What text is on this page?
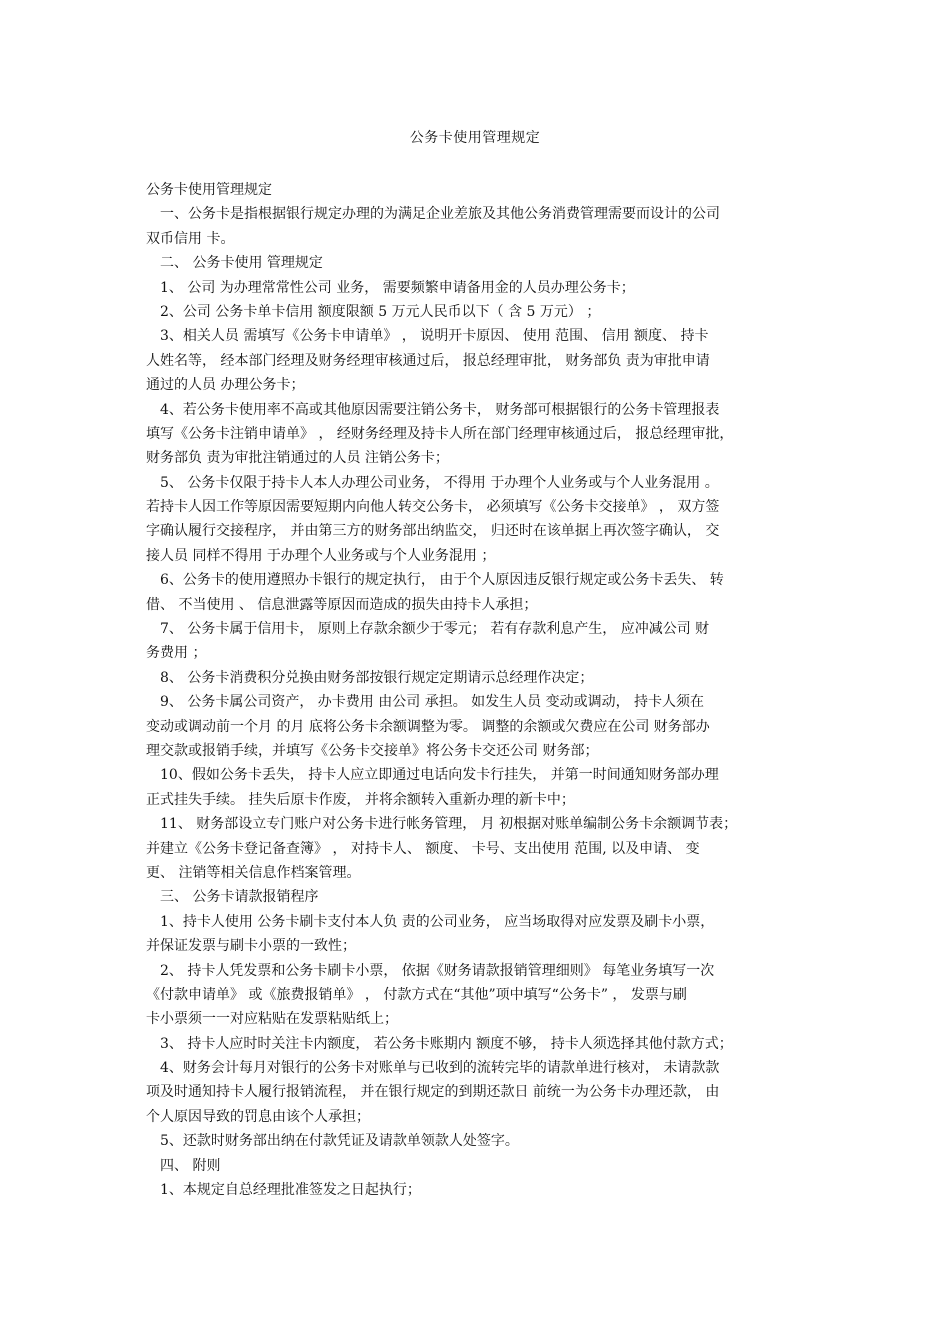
公务卡使用管理规定
公务卡使用管理规定
一、公务卡是指根据银行规定办理的为满足企业差旅及其他公务消费管理需要而设计的公司
双币信用 卡。
二、 公务卡使用 管理规定
1、 公司 为办理常常性公司 业务， 需要频繁申请备用金的人员办理公务卡；
2、公司 公务卡单卡信用 额度限额 5 万元人民币以下（ 含 5 万元） ；
3、相关人员 需填写《公务卡申请单》 ， 说明开卡原因、 使用 范围、 信用 额度、 持卡
人姓名等， 经本部门经理及财务经理审核通过后， 报总经理审批， 财务部负 责为审批申请
通过的人员 办理公务卡；
4、若公务卡使用率不高或其他原因需要注销公务卡， 财务部可根据银行的公务卡管理报表
填写《公务卡注销申请单》 ， 经财务经理及持卡人所在部门经理审核通过后， 报总经理审批，
财务部负 责为审批注销通过的人员 注销公务卡；
5、 公务卡仅限于持卡人本人办理公司业务， 不得用 于办理个人业务或与个人业务混用 。
若持卡人因工作等原因需要短期内向他人转交公务卡， 必须填写《公务卡交接单》 ， 双方签
字确认履行交接程序， 并由第三方的财务部出纳监交， 归还时在该单据上再次签字确认， 交
接人员 同样不得用 于办理个人业务或与个人业务混用 ；
6、公务卡的使用遵照办卡银行的规定执行， 由于个人原因违反银行规定或公务卡丢失、 转
借、 不当使用 、 信息泄露等原因而造成的损失由持卡人承担；
7、 公务卡属于信用卡， 原则上存款余额少于零元； 若有存款利息产生， 应冲减公司 财
务费用 ；
8、 公务卡消费积分兑换由财务部按银行规定定期请示总经理作决定；
9、 公务卡属公司资产， 办卡费用 由公司 承担。 如发生人员 变动或调动， 持卡人须在
变动或调动前一个月 的月 底将公务卡余额调整为零。 调整的余额或欠费应在公司 财务部办
理交款或报销手续，并填写《公务卡交接单》将公务卡交还公司 财务部；
10、假如公务卡丢失， 持卡人应立即通过电话向发卡行挂失， 并第一时间通知财务部办理
正式挂失手续。 挂失后原卡作废， 并将余额转入重新办理的新卡中；
11、 财务部设立专门账户对公务卡进行帐务管理， 月 初根据对账单编制公务卡余额调节表；
并建立《公务卡登记备查簿》 ， 对持卡人、 额度、 卡号、支出使用 范围, 以及申请、 变
更、 注销等相关信息作档案管理。
三、 公务卡请款报销程序
1、持卡人使用 公务卡刷卡支付本人负 责的公司业务， 应当场取得对应发票及刷卡小票，
并保证发票与刷卡小票的一致性；
2、 持卡人凭发票和公务卡刷卡小票， 依据《财务请款报销管理细则》 每笔业务填写一次
《付款申请单》 或《旅费报销单》 ， 付款方式在“其他”项中填写“公务卡” ， 发票与刷
卡小票须一一对应粘贴在发票粘贴纸上；
3、 持卡人应时时关注卡内额度， 若公务卡账期内 额度不够， 持卡人须选择其他付款方式；
4、财务会计每月对银行的公务卡对账单与已收到的流转完毕的请款单进行核对， 未请款款
项及时通知持卡人履行报销流程， 并在银行规定的到期还款日 前统一为公务卡办理还款， 由
个人原因导致的罚息由该个人承担；
5、还款时财务部出纳在付款凭证及请款单领款人处签字。
四、 附则
1、本规定自总经理批准签发之日起执行；
